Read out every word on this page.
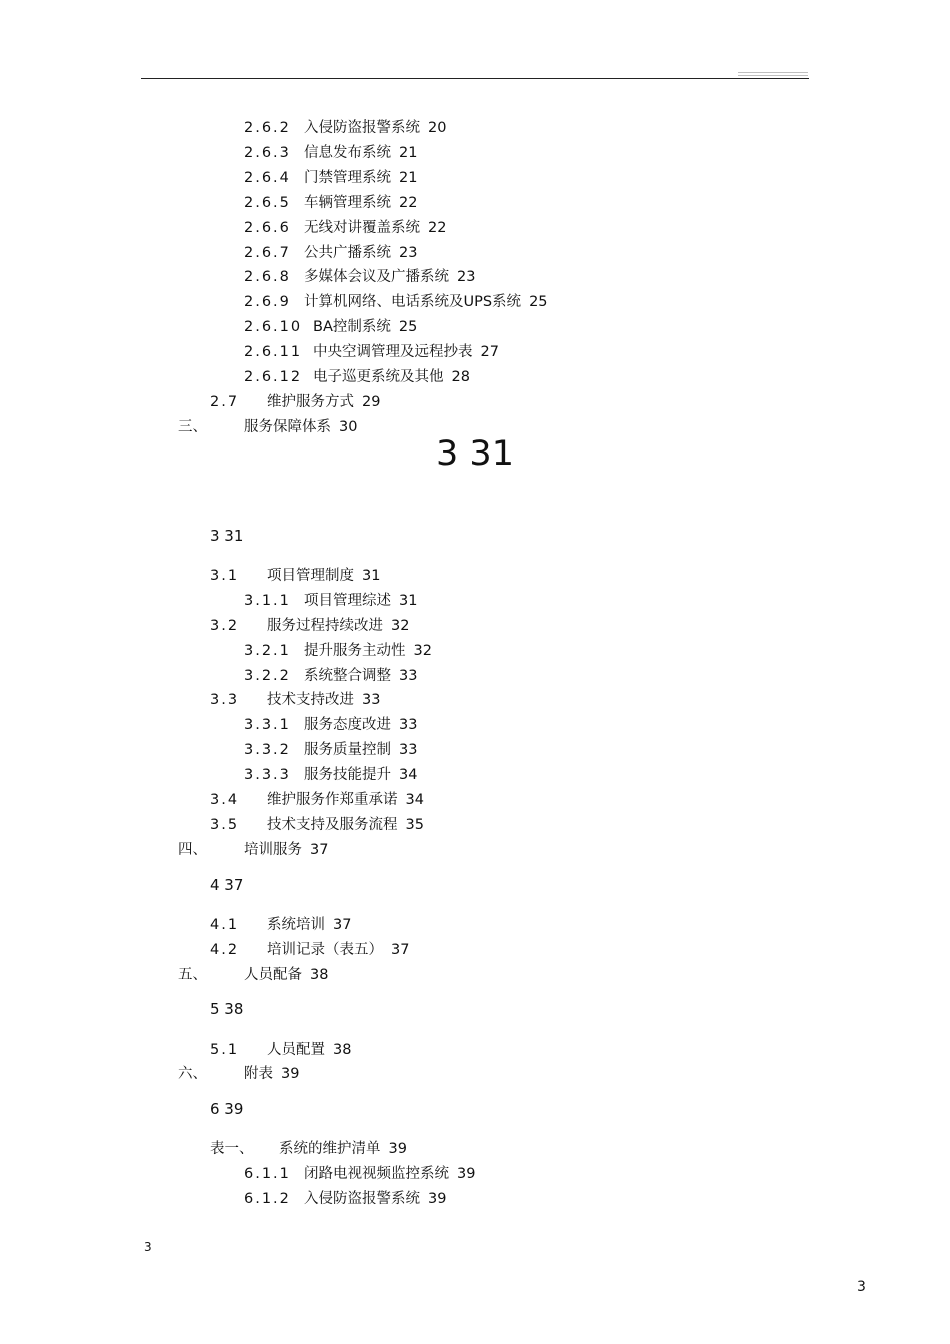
2.6.2 入侵防盗报警系统 20
2.6.3 信息发布系统 21
2.6.4 门禁管理系统 21
2.6.5 车辆管理系统 22
2.6.6 无线对讲覆盖系统 22
2.6.7 公共广播系统 23
2.6.8 多媒体会议及广播系统 23
2.6.9 计算机网络、电话系统及UPS系统 25
2.6.10 BA控制系统 25
2.6.11 中央空调管理及远程抄表 27
2.6.12 电子巡更系统及其他 28
2.7 维护服务方式 29
三、	服务保障体系 30
3 31
3 31
3.1 项目管理制度 31
3.1.1 项目管理综述 31
3.2 服务过程持续改进 32
3.2.1 提升服务主动性 32
3.2.2 系统整合调整 33
3.3 技术支持改进 33
3.3.1 服务态度改进 33
3.3.2 服务质量控制 33
3.3.3 服务技能提升 34
3.4 维护服务作郑重承诺 34
3.5 技术支持及服务流程 35
四、	培训服务 37
4 37
4.1 系统培训 37
4.2 培训记录（表五） 37
五、	人员配备 38
5 38
5.1 人员配置 38
六、	附表 39
6 39
表一、 系统的维护清单 39
6.1.1 闭路电视视频监控系统 39
6.1.2 入侵防盗报警系统 39
3
3
